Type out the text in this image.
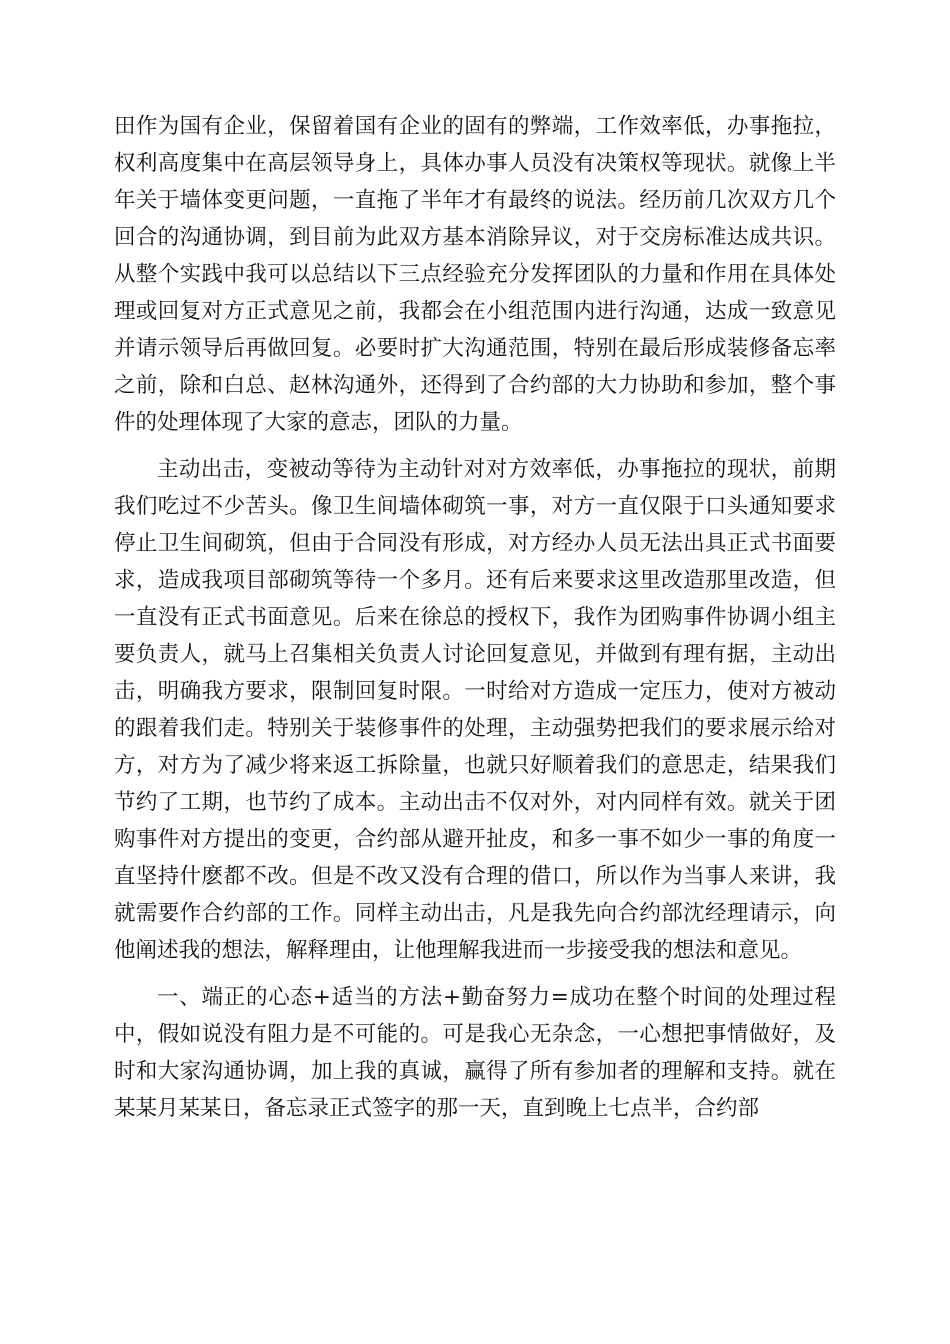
田作为国有企业，保留着国有企业的固有的弊端，工作效率低，办事拖拉，权利高度集中在高层领导身上，具体办事人员没有决策权等现状。就像上半年关于墙体变更问题，一直拖了半年才有最终的说法。经历前几次双方几个回合的沟通协调，到目前为此双方基本消除异议，对于交房标准达成共识。从整个实践中我可以总结以下三点经验充分发挥团队的力量和作用在具体处理或回复对方正式意见之前，我都会在小组范围内进行沟通，达成一致意见并请示领导后再做回复。必要时扩大沟通范围，特别在最后形成装修备忘率之前，除和白总、赵林沟通外，还得到了合约部的大力协助和参加，整个事件的处理体现了大家的意志，团队的力量。

主动出击，变被动等待为主动针对对方效率低，办事拖拉的现状，前期我们吃过不少苦头。像卫生间墙体砌筑一事，对方一直仅限于口头通知要求停止卫生间砌筑，但由于合同没有形成，对方经办人员无法出具正式书面要求，造成我项目部砌筑等待一个多月。还有后来要求这里改造那里改造，但一直没有正式书面意见。后来在徐总的授权下，我作为团购事件协调小组主要负责人，就马上召集相关负责人讨论回复意见，并做到有理有据，主动出击，明确我方要求，限制回复时限。一时给对方造成一定压力，使对方被动的跟着我们走。特别关于装修事件的处理，主动强势把我们的要求展示给对方，对方为了减少将来返工拆除量，也就只好顺着我们的意思走，结果我们节约了工期，也节约了成本。主动出击不仅对外，对内同样有效。就关于团购事件对方提出的变更，合约部从避开扯皮，和多一事不如少一事的角度一直坚持什麽都不改。但是不改又没有合理的借口，所以作为当事人来讲，我就需要作合约部的工作。同样主动出击，凡是我先向合约部沈经理请示，向他阐述我的想法，解释理由，让他理解我进而一步接受我的想法和意见。

一、端正的心态+适当的方法+勤奋努力=成功在整个时间的处理过程中，假如说没有阻力是不可能的。可是我心无杂念，一心想把事情做好，及时和大家沟通协调，加上我的真诚，赢得了所有参加者的理解和支持。就在某某月某某日，备忘录正式签字的那一天，直到晚上七点半，合约部
